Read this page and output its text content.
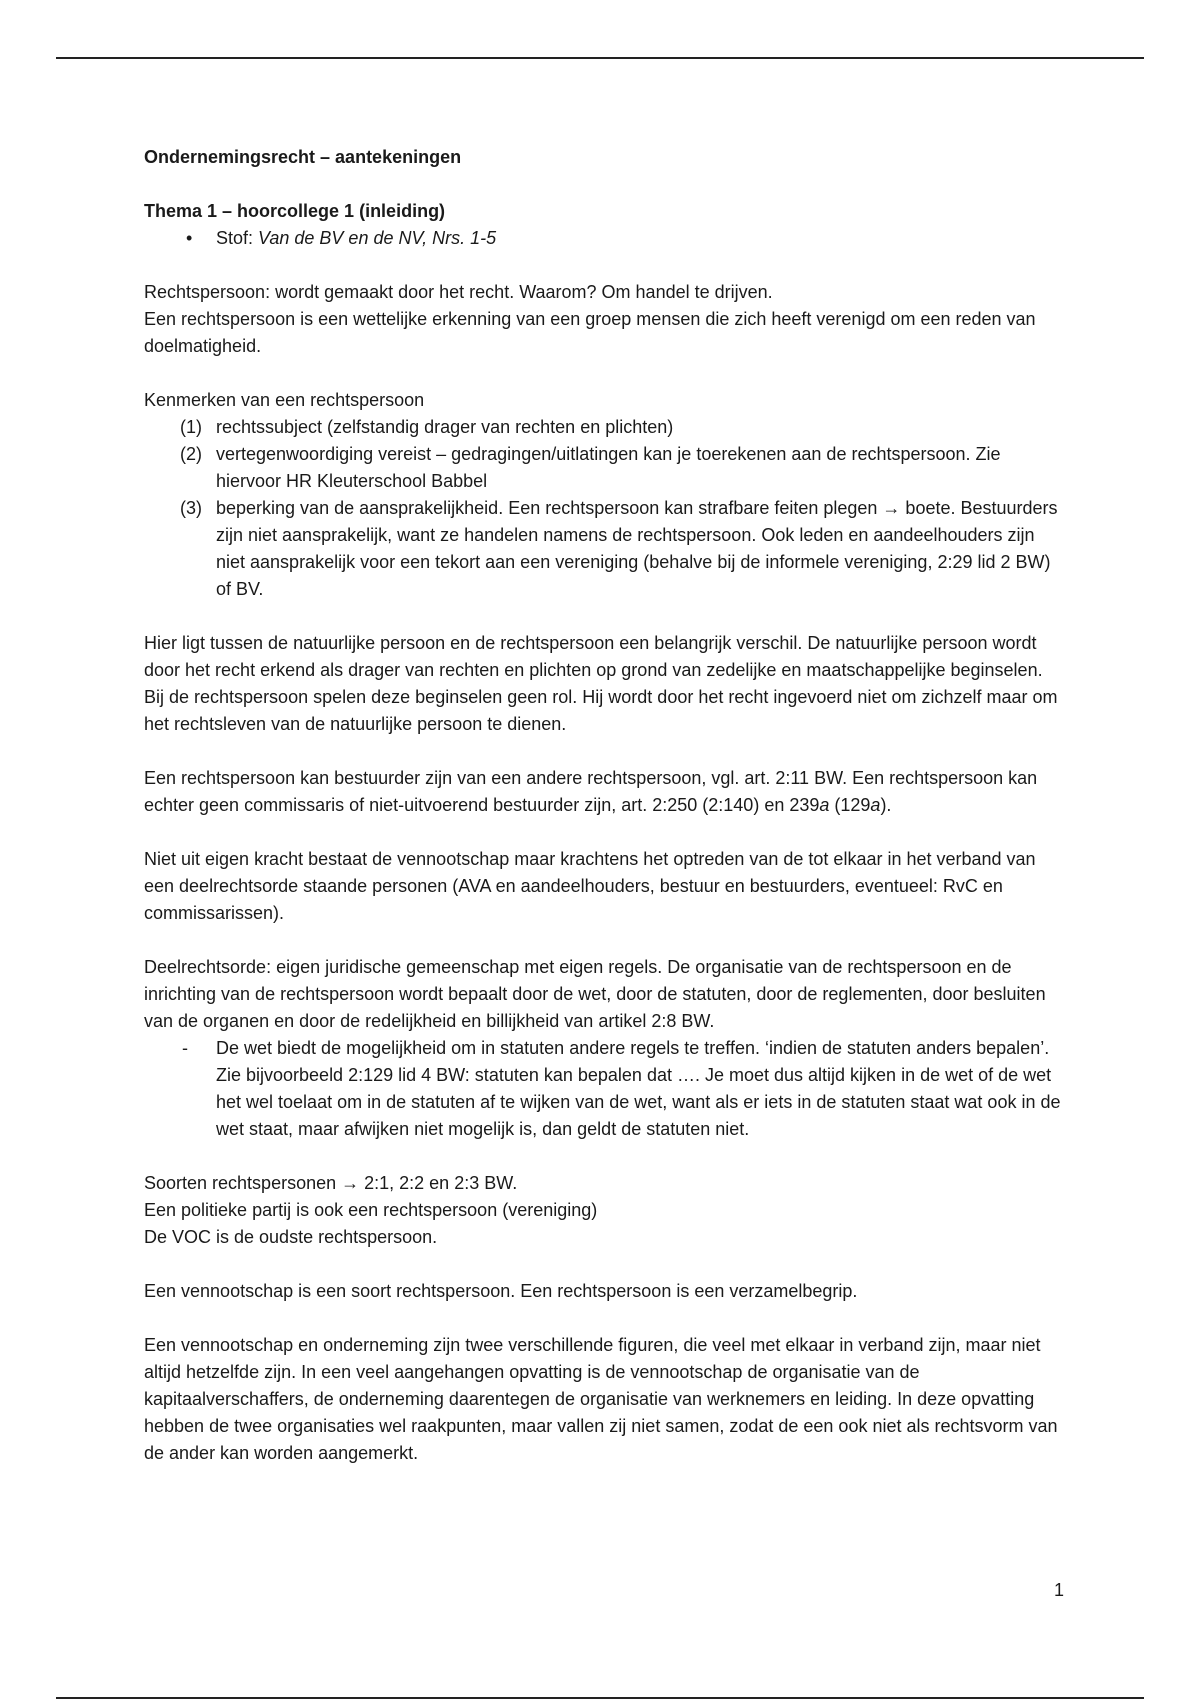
Ondernemingsrecht – aantekeningen

Thema 1 – hoorcollege 1 (inleiding)

• Stof: Van de BV en de NV, Nrs. 1-5

Rechtspersoon: wordt gemaakt door het recht. Waarom? Om handel te drijven.

Een rechtspersoon is een wettelijke erkenning van een groep mensen die zich heeft verenigd om een reden van doelmatigheid.

Kenmerken van een rechtspersoon

(1) rechtssubject (zelfstandig drager van rechten en plichten)
(2) vertegenwoordiging vereist – gedragingen/uitlatingen kan je toerekenen aan de rechtspersoon. Zie hiervoor HR Kleuterschool Babbel
(3) beperking van de aansprakelijkheid. Een rechtspersoon kan strafbare feiten plegen → boete. Bestuurders zijn niet aansprakelijk, want ze handelen namens de rechtspersoon. Ook leden en aandeelhouders zijn niet aansprakelijk voor een tekort aan een vereniging (behalve bij de informele vereniging, 2:29 lid 2 BW) of BV.

Hier ligt tussen de natuurlijke persoon en de rechtspersoon een belangrijk verschil. De natuurlijke persoon wordt door het recht erkend als drager van rechten en plichten op grond van zedelijke en maatschappelijke beginselen. Bij de rechtspersoon spelen deze beginselen geen rol. Hij wordt door het recht ingevoerd niet om zichzelf maar om het rechtsleven van de natuurlijke persoon te dienen.

Een rechtspersoon kan bestuurder zijn van een andere rechtspersoon, vgl. art. 2:11 BW. Een rechtspersoon kan echter geen commissaris of niet-uitvoerend bestuurder zijn, art. 2:250 (2:140) en 239a (129a).

Niet uit eigen kracht bestaat de vennootschap maar krachtens het optreden van de tot elkaar in het verband van een deelrechtsorde staande personen (AVA en aandeelhouders, bestuur en bestuurders, eventueel: RvC en commissarissen).

Deelrechtsorde: eigen juridische gemeenschap met eigen regels. De organisatie van de rechtspersoon en de inrichting van de rechtspersoon wordt bepaalt door de wet, door de statuten, door de reglementen, door besluiten van de organen en door de redelijkheid en billijkheid van artikel 2:8 BW.

- De wet biedt de mogelijkheid om in statuten andere regels te treffen. ‘indien de statuten anders bepalen’. Zie bijvoorbeeld 2:129 lid 4 BW: statuten kan bepalen dat …. Je moet dus altijd kijken in de wet of de wet het wel toelaat om in de statuten af te wijken van de wet, want als er iets in de statuten staat wat ook in de wet staat, maar afwijken niet mogelijk is, dan geldt de statuten niet.

Soorten rechtspersonen → 2:1, 2:2 en 2:3 BW.

Een politieke partij is ook een rechtspersoon (vereniging)

De VOC is de oudste rechtspersoon.

Een vennootschap is een soort rechtspersoon. Een rechtspersoon is een verzamelbegrip.

Een vennootschap en onderneming zijn twee verschillende figuren, die veel met elkaar in verband zijn, maar niet altijd hetzelfde zijn. In een veel aangehangen opvatting is de vennootschap de organisatie van de kapitaalverschaffers, de onderneming daarentegen de organisatie van werknemers en leiding. In deze opvatting hebben de twee organisaties wel raakpunten, maar vallen zij niet samen, zodat de een ook niet als rechtsvorm van de ander kan worden aangemerkt.

1
